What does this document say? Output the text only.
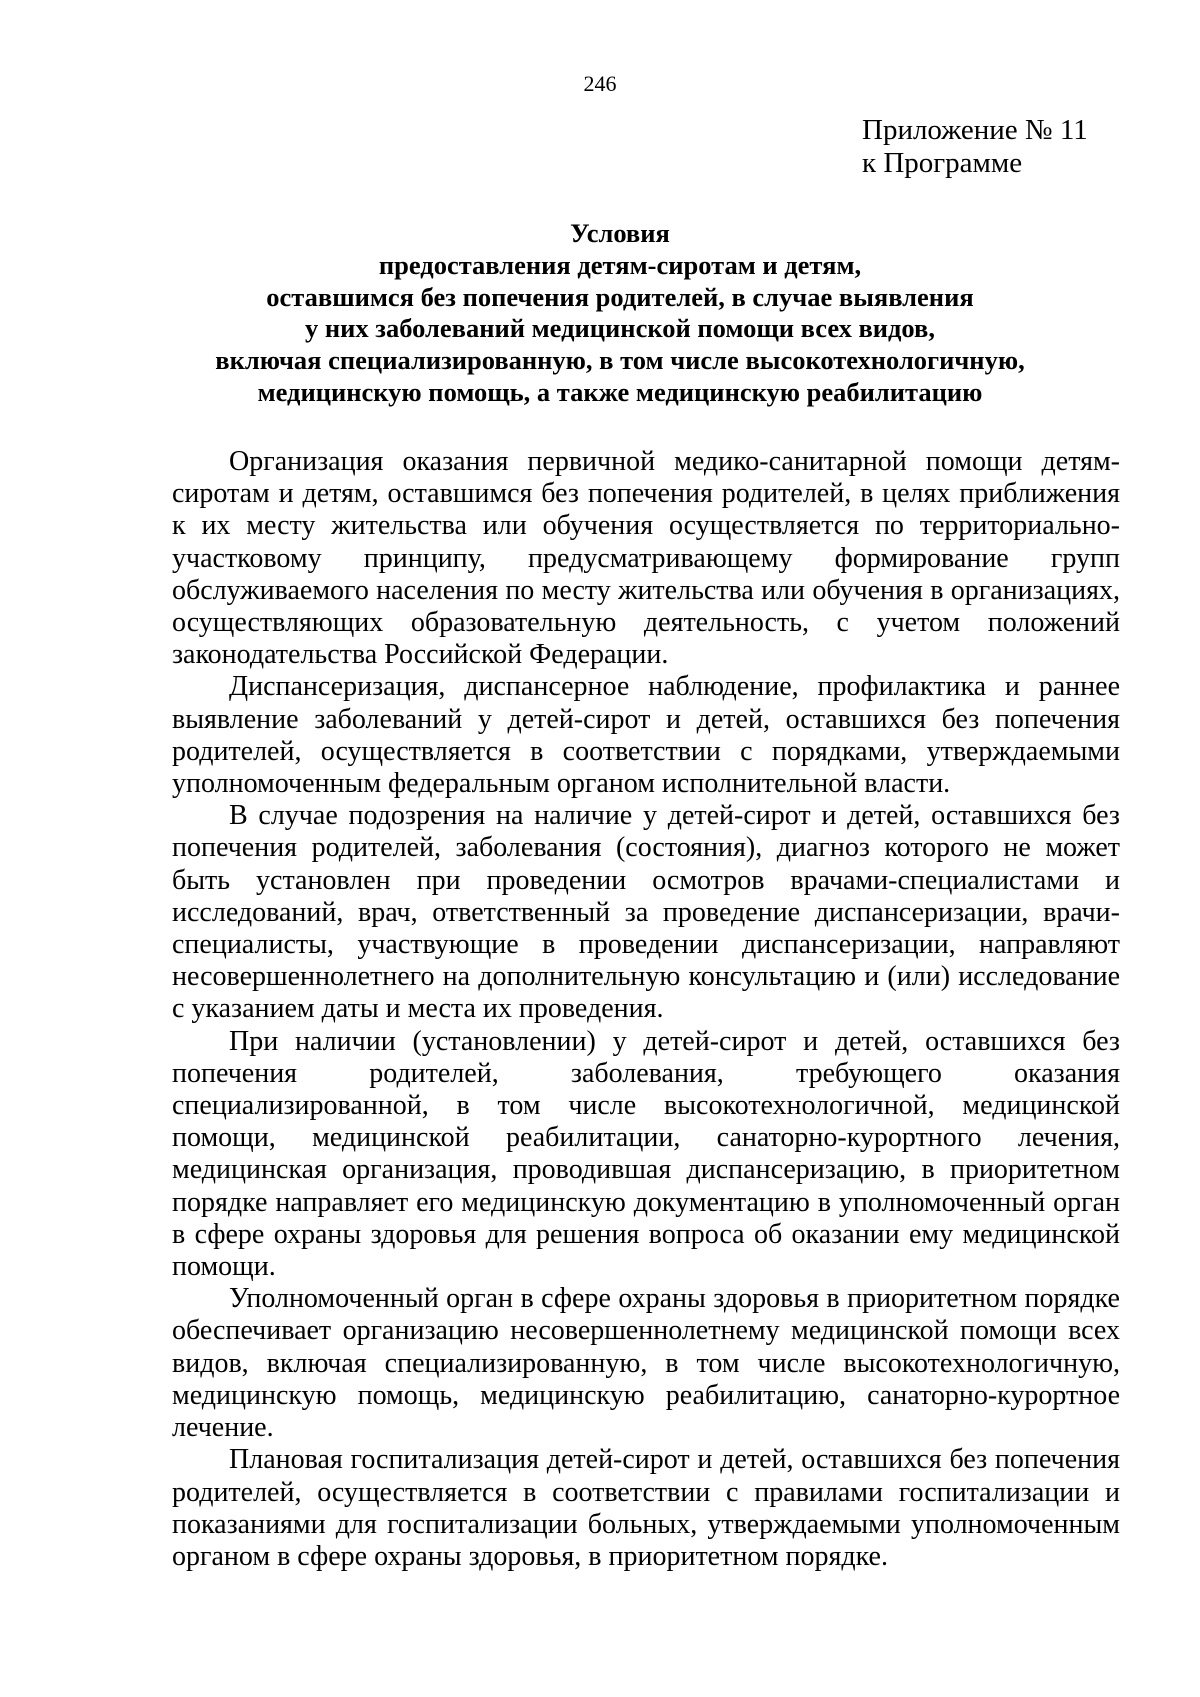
246
Приложение № 11
к Программе
Условия
предоставления детям-сиротам и детям,
оставшимся без попечения родителей, в случае выявления
у них заболеваний медицинской помощи всех видов,
включая специализированную, в том числе высокотехнологичную,
медицинскую помощь, а также медицинскую реабилитацию

Организация оказания первичной медико-санитарной помощи детям-сиротам и детям, оставшимся без попечения родителей, в целях приближения к их месту жительства или обучения осуществляется по территориально-участковому принципу, предусматривающему формирование групп обслуживаемого населения по месту жительства или обучения в организациях, осуществляющих образовательную деятельность, с учетом положений законодательства Российской Федерации.

Диспансеризация, диспансерное наблюдение, профилактика и раннее выявление заболеваний у детей-сирот и детей, оставшихся без попечения родителей, осуществляется в соответствии с порядками, утверждаемыми уполномоченным федеральным органом исполнительной власти.

В случае подозрения на наличие у детей-сирот и детей, оставшихся без попечения родителей, заболевания (состояния), диагноз которого не может быть установлен при проведении осмотров врачами-специалистами и исследований, врач, ответственный за проведение диспансеризации, врачи-специалисты, участвующие в проведении диспансеризации, направляют несовершеннолетнего на дополнительную консультацию и (или) исследование с указанием даты и места их проведения.

При наличии (установлении) у детей-сирот и детей, оставшихся без попечения родителей, заболевания, требующего оказания специализированной, в том числе высокотехнологичной, медицинской помощи, медицинской реабилитации, санаторно-курортного лечения, медицинская организация, проводившая диспансеризацию, в приоритетном порядке направляет его медицинскую документацию в уполномоченный орган в сфере охраны здоровья для решения вопроса об оказании ему медицинской помощи.

Уполномоченный орган в сфере охраны здоровья в приоритетном порядке обеспечивает организацию несовершеннолетнему медицинской помощи всех видов, включая специализированную, в том числе высокотехнологичную, медицинскую помощь, медицинскую реабилитацию, санаторно-курортное лечение.

Плановая госпитализация детей-сирот и детей, оставшихся без попечения родителей, осуществляется в соответствии с правилами госпитализации и показаниями для госпитализации больных, утверждаемыми уполномоченным органом в сфере охраны здоровья, в приоритетном порядке.
